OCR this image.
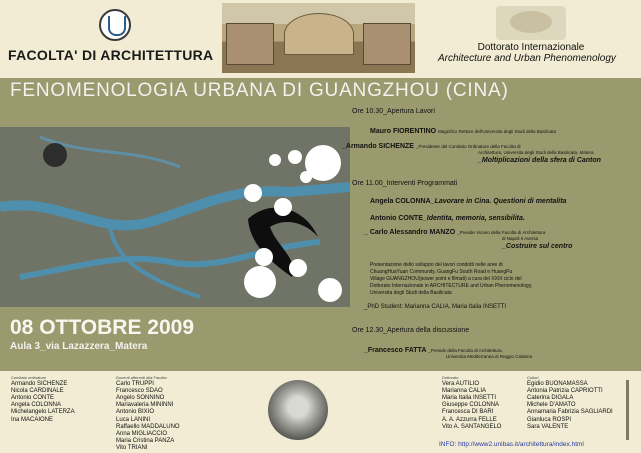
FACOLTA' DI ARCHITETTURA	Dottorato Internazionale
Architecture and Urban Phenomenology
FENOMENOLOGIA URBANA DI GUANGZHOU (CINA)
08 OTTOBRE 2009
Aula 3_via Lazazzera_Matera
Ore 10.30_Apertura Lavori
Mauro FIORENTINO Magnifico Rettore dell'Universita degli Studi della Basilicata
_Armando SICHENZE _Presidente del Comitato Ordinatore della Facolta di
Architettura, Universita degli Studi della Basilicata, Matera
_Moltiplicazioni della sfera di Canton
Ore 11.00_Interventi Programmati
Angela COLONNA_Lavorare in Cina. Questioni di mentalita
Antonio CONTE_Identita, memoria, sensibilita.
_ Carlo Alessandro MANZO _Preside Vicario della Facolta di Architettura
di Napoli II Aversa
_Costruire sul centro
Presentazione dello sviluppo dei lavori condotti nelle aree di
ChuangHuaYuan Community, GuangFu South Road e HuangPu
Village GUANGZHOU(power point e filmati) a cura del XXIII ciclo del
Dottorato Internazionale in ARCHITECTURE and Urban Phenomenology,
Universita degli Studi della Basilicata
_PhD Student: Marianna CALIA, Maria Italia INSETTI
Ore 12.30_Apertura della discussione
_Francesco FATTA _Preside della Facolta di Architettura,
Universita Mediterranea di Reggio Calabria
Comitato ordinatore
Armando SICHENZE
Nicola CARDINALE
Antonio CONTE
Angela COLONNA
Michelangelo LATERZA
Ina MACAIONE
Docenti afferenti alla Facolta
Carlo TRUPPI
Francesco SDAO
Angelo SONNINO
Mariavaleria MININNI
Antonio BIXIO
Luca LANINI
Raffaello MADDALUNO
Anna MIGLIACCIO
Maria Cristina PANZA
Vito TRIANI
Dottorato
Vera AUTILIO
Marianna CALIA
Maria Italia INSETTI
Giuseppe COLONNA
Francesca DI BARI
A. A. Azzurra FELLE
Vito A. SANTANGELO
Cultori
Egidio BUONAMASSA
Antonia Patrizia CAPRIOTTI
Caterina DIGALA
Michele D'AMATO
Annamaria Fabrizia SAGLIARDI
Gianluca ROSPI
Sara VALENTE
INFO: http://www2.unibas.it/architettura/index.html
